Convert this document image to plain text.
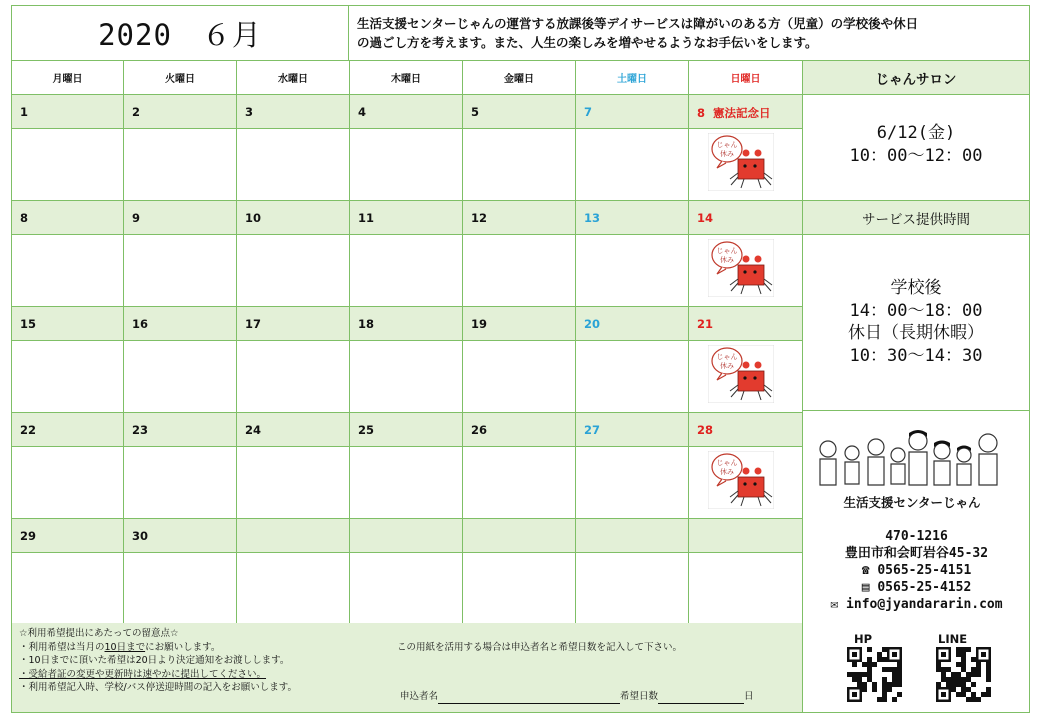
2020　６月	生活支援センターじゃんの運営する放課後等デイサービスは障がいのある方（児童）の学校後や休日
の過ごし方を考えます。また、人生の楽しみを増やせるようなお手伝いをします。
月曜日	火曜日	水曜日	木曜日	金曜日	土曜日	日曜日
1	2	3	4	5	7	8 憲法記念日
じゃん
休み
8	9	10	11	12	13	14
じゃん
休み
15	16	17	18	19	20	21
じゃん
休み
22	23	24	25	26	27	28
じゃん
休み
29	30
じゃんサロン
6/12(金)
10：00～12：00
サービス提供時間
学校後
14：00～18：00
休日（長期休暇）
10：30～14：30
生活支援センターじゃん
470-1216
豊田市和会町岩谷45-32
☎ 0565-25-4151
▤ 0565-25-4152
✉ info@jyandararin.com
HP	LINE
☆利用希望提出にあたっての留意点☆
・利用希望は当月の10日までにお願いします。
・10日までに頂いた希望は20日より決定通知をお渡しします。
・受給者証の変更や更新時は速やかに提出してください。
・利用希望記入時、学校/バス停送迎時間の記入をお願いします。
この用紙を活用する場合は申込者名と希望日数を記入して下さい。
申込者名	希望日数	日
